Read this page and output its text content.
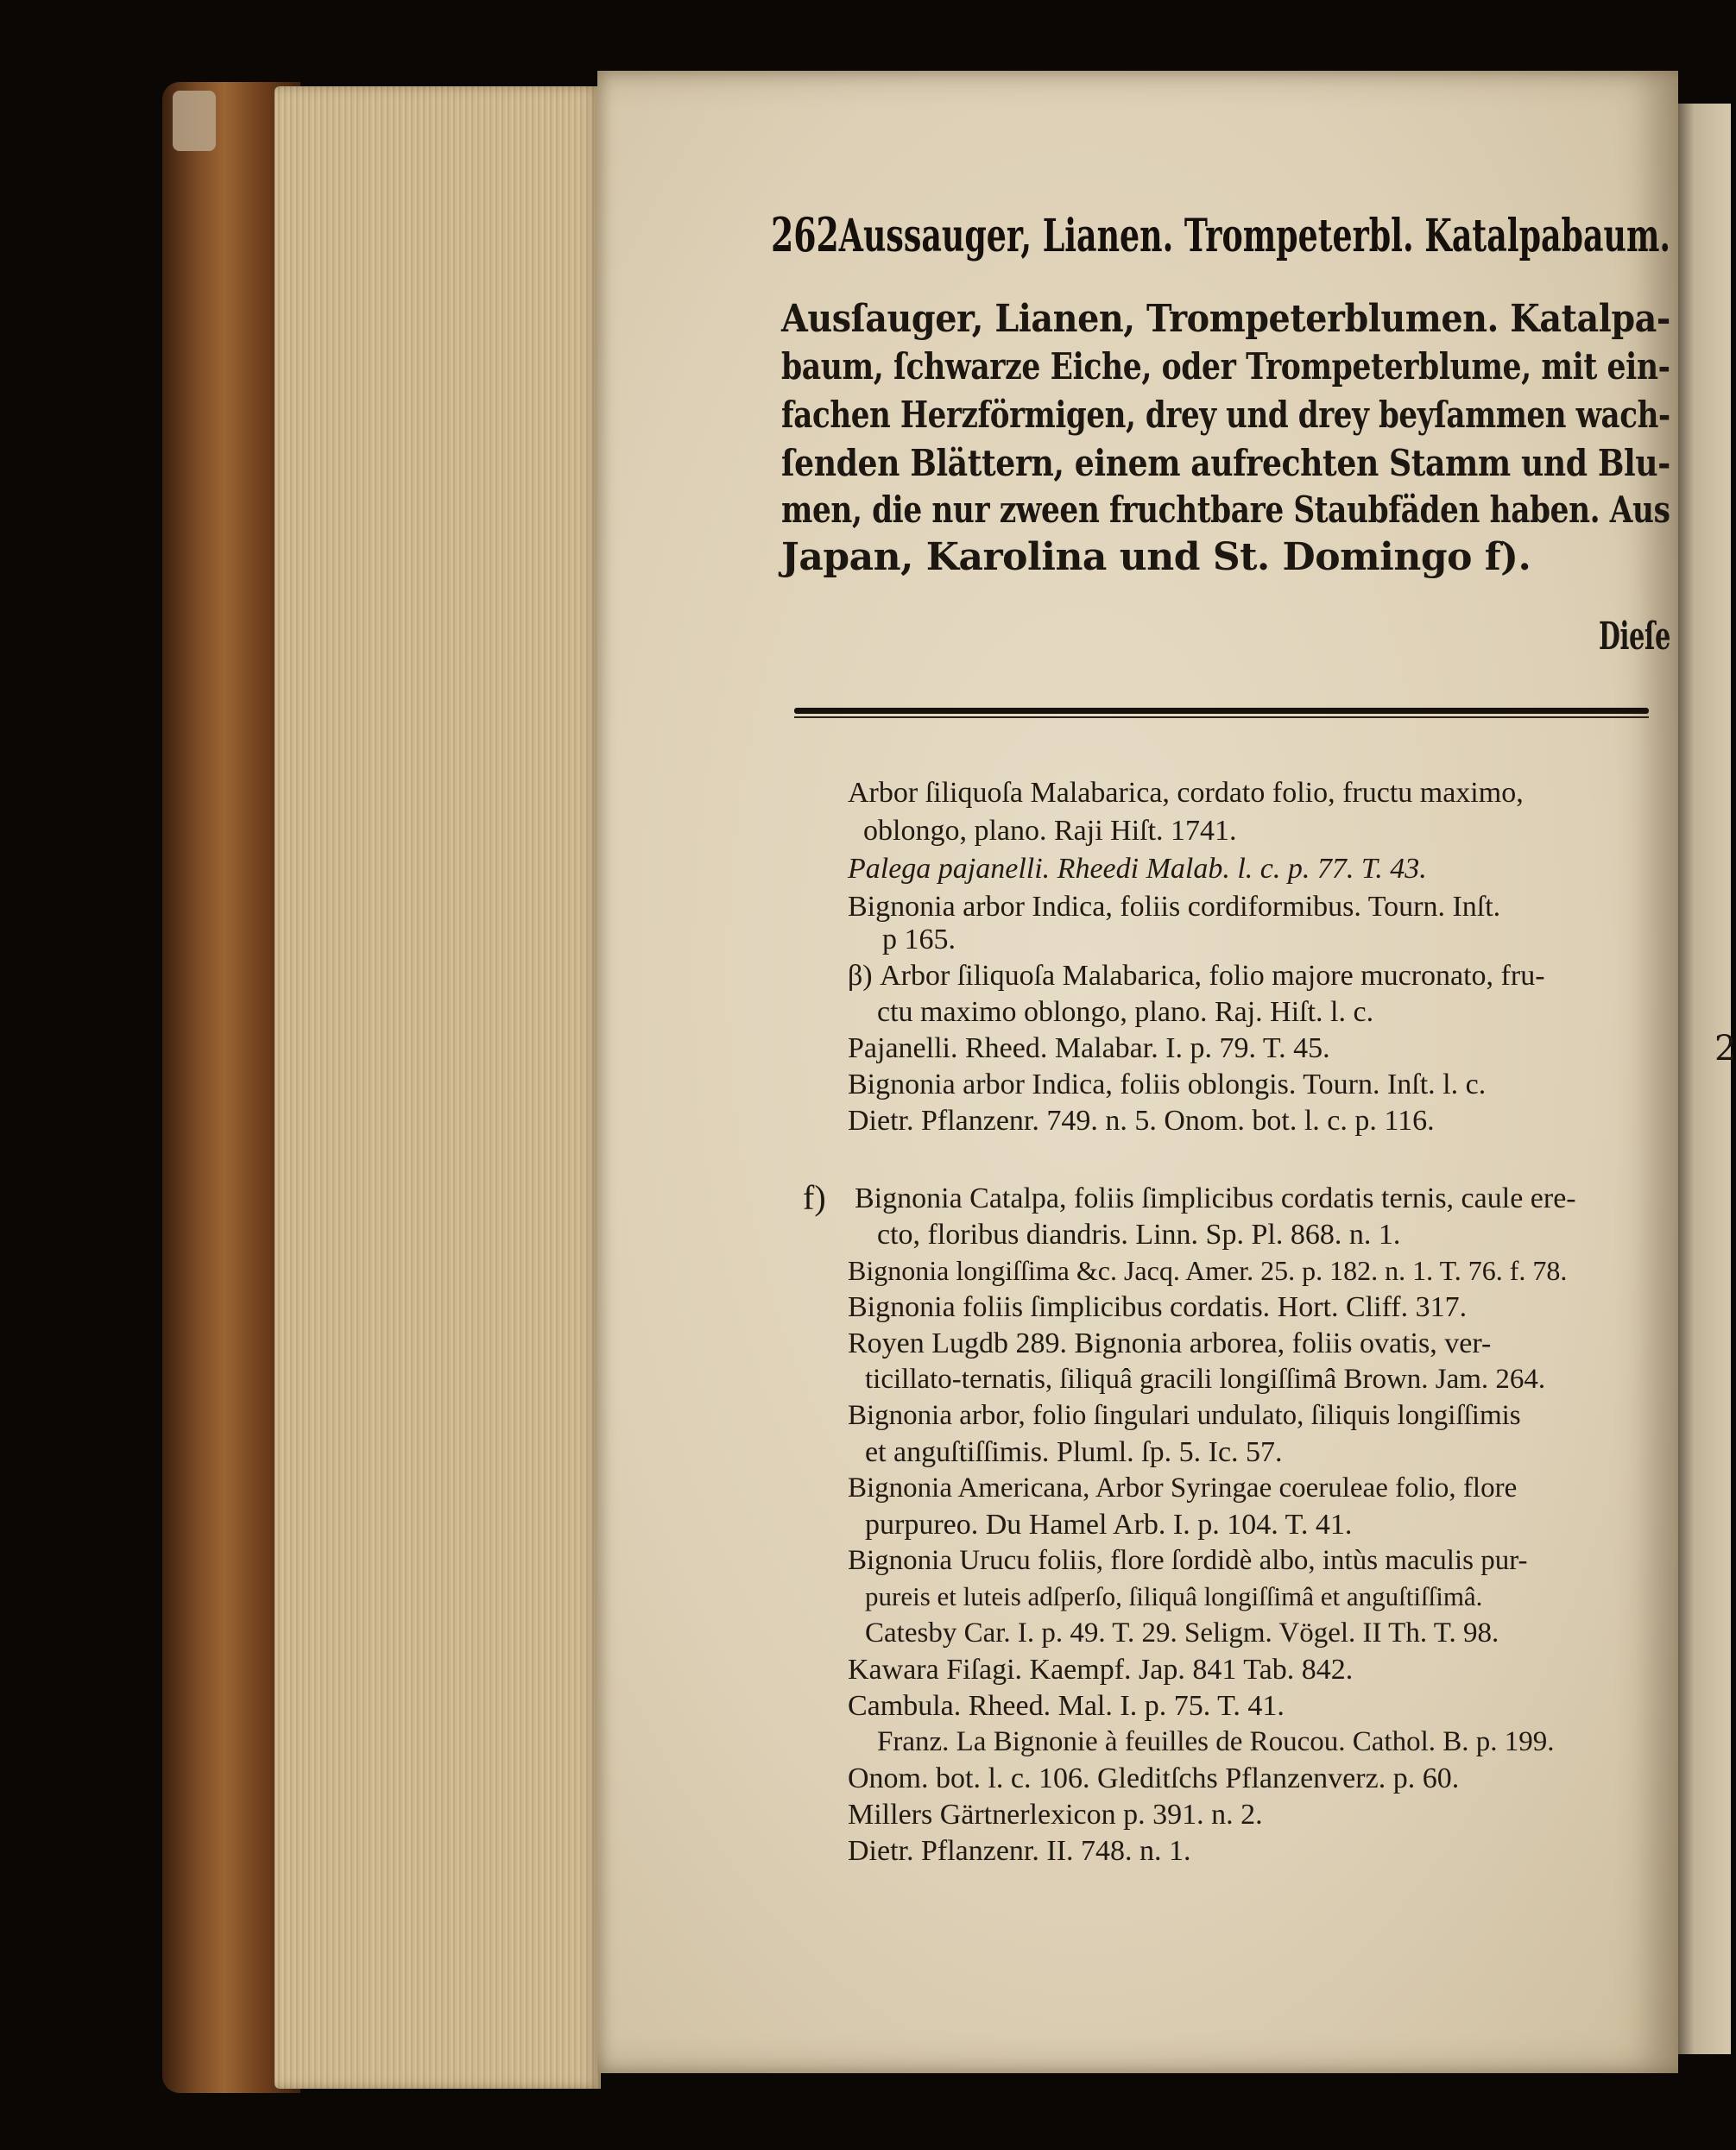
2
262Aussauger, Lianen. Trompeterbl. Katalpabaum.
Ausſauger, Lianen, Trompeterblumen. Katalpa-
baum, ſchwarze Eiche, oder Trompeterblume, mit ein-
fachen Herzförmigen, drey und drey beyſammen wach-
ſenden Blättern, einem aufrechten Stamm und Blu-
men, die nur zween fruchtbare Staubfäden haben. Aus
Japan, Karolina und St. Domingo f).
Dieſe
Arbor ſiliquoſa Malabarica, cordato folio, fructu maximo,
oblongo, plano. Raji Hiſt. 1741.
Palega pajanelli. Rheedi Malab. l. c. p. 77. T. 43.
Bignonia arbor Indica, foliis cordiformibus. Tourn. Inſt.
p 165.
β) Arbor ſiliquoſa Malabarica, folio majore mucronato, fru-
ctu maximo oblongo, plano. Raj. Hiſt. l. c.
Pajanelli. Rheed. Malabar. I. p. 79. T. 45.
Bignonia arbor Indica, foliis oblongis. Tourn. Inſt. l. c.
Dietr. Pflanzenr. 749. n. 5. Onom. bot. l. c. p. 116.
f) Bignonia Catalpa, foliis ſimplicibus cordatis ternis, caule ere-
cto, floribus diandris. Linn. Sp. Pl. 868. n. 1.
Bignonia longiſſima &c. Jacq. Amer. 25. p. 182. n. 1. T. 76. f. 78.
Bignonia foliis ſimplicibus cordatis. Hort. Cliff. 317.
Royen Lugdb 289. Bignonia arborea, foliis ovatis, ver-
ticillato-ternatis, ſiliquâ gracili longiſſimâ Brown. Jam. 264.
Bignonia arbor, folio ſingulari undulato, ſiliquis longiſſimis
et anguſtiſſimis. Pluml. ſp. 5. Ic. 57.
Bignonia Americana, Arbor Syringae coeruleae folio, flore
purpureo. Du Hamel Arb. I. p. 104. T. 41.
Bignonia Urucu foliis, flore ſordidè albo, intùs maculis pur-
pureis et luteis adſperſo, ſiliquâ longiſſimâ et anguſtiſſimâ.
Catesby Car. I. p. 49. T. 29. Seligm. Vögel. II Th. T. 98.
Kawara Fiſagi. Kaempf. Jap. 841 Tab. 842.
Cambula. Rheed. Mal. I. p. 75. T. 41.
Franz. La Bignonie à feuilles de Roucou. Cathol. B. p. 199.
Onom. bot. l. c. 106. Gleditſchs Pflanzenverz. p. 60.
Millers Gärtnerlexicon p. 391. n. 2.
Dietr. Pflanzenr. II. 748. n. 1.
